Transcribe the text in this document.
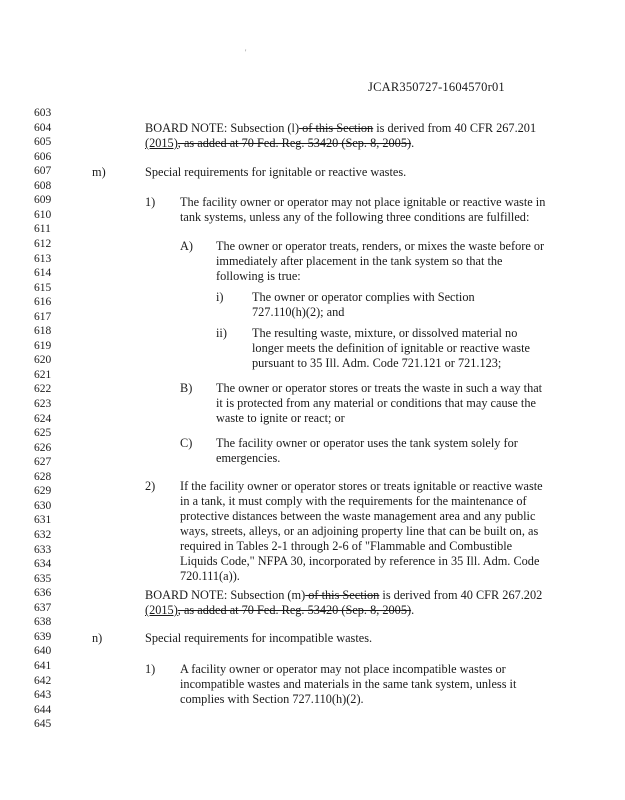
'
JCAR350727-1604570r01
603
604
605
606
607
608
609
610
611
612
613
614
615
616
617
618
619
620
621
622
623
624
625
626
627
628
629
630
631
632
633
634
635
636
637
638
639
640
641
642
643
644
645
BOARD NOTE: Subsection (l) of this Section is derived from 40 CFR 267.201
(2015), as added at 70 Fed. Reg. 53420 (Sep. 8, 2005).
m)	Special requirements for ignitable or reactive wastes.
1) The facility owner or operator may not place ignitable or reactive waste in
tank systems, unless any of the following three conditions are fulfilled:
A) The owner or operator treats, renders, or mixes the waste before or
immediately after placement in the tank system so that the
following is true:
i) The owner or operator complies with Section
727.110(h)(2); and
ii) The resulting waste, mixture, or dissolved material no
longer meets the definition of ignitable or reactive waste
pursuant to 35 Ill. Adm. Code 721.121 or 721.123;
B) The owner or operator stores or treats the waste in such a way that
it is protected from any material or conditions that may cause the
waste to ignite or react; or
C) The facility owner or operator uses the tank system solely for
emergencies.
2) If the facility owner or operator stores or treats ignitable or reactive waste
in a tank, it must comply with the requirements for the maintenance of
protective distances between the waste management area and any public
ways, streets, alleys, or an adjoining property line that can be built on, as
required in Tables 2-1 through 2-6 of "Flammable and Combustible
Liquids Code," NFPA 30, incorporated by reference in 35 Ill. Adm. Code
720.111(a)).
BOARD NOTE: Subsection (m) of this Section is derived from 40 CFR 267.202
(2015), as added at 70 Fed. Reg. 53420 (Sep. 8, 2005).
n)	Special requirements for incompatible wastes.
1) A facility owner or operator may not place incompatible wastes or
incompatible wastes and materials in the same tank system, unless it
complies with Section 727.110(h)(2).
